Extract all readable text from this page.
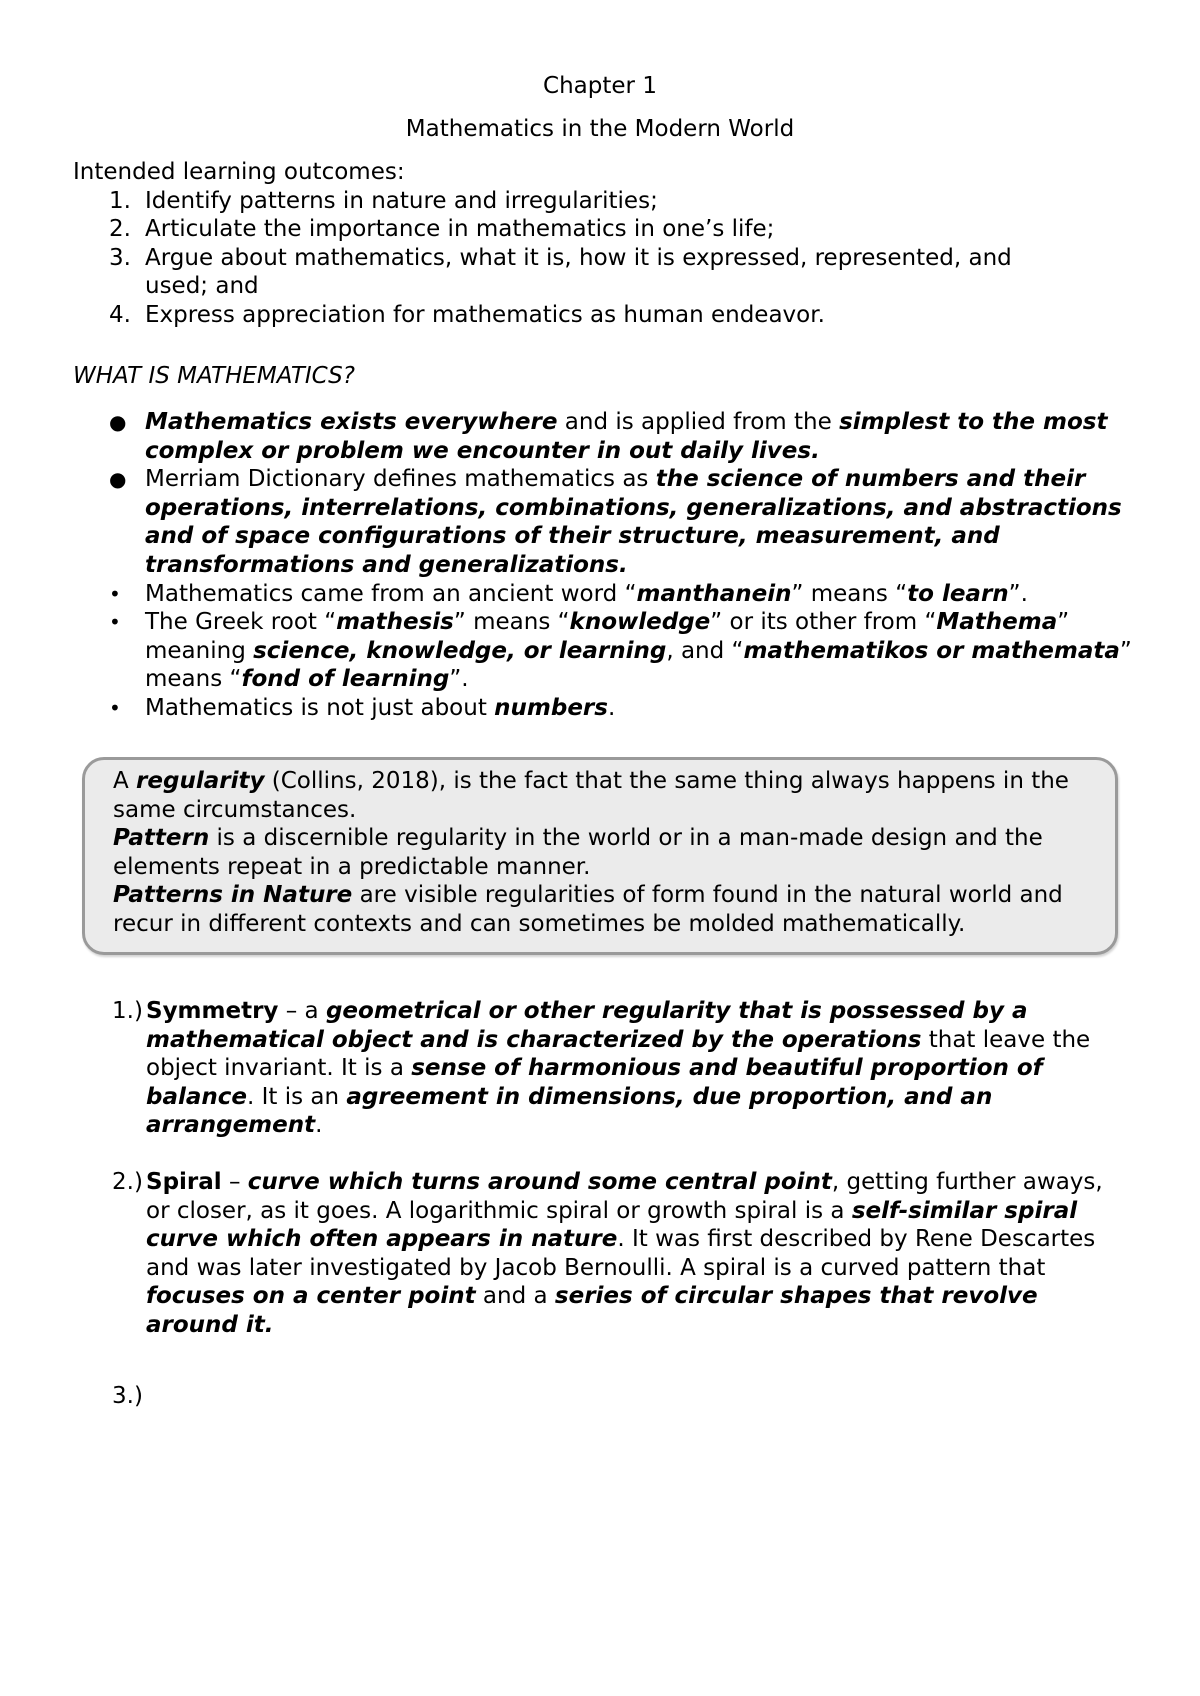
Chapter 1
Mathematics in the Modern World
Intended learning outcomes:
1. Identify patterns in nature and irregularities;
2. Articulate the importance in mathematics in one’s life;
3. Argue about mathematics, what it is, how it is expressed, represented, and used; and
4. Express appreciation for mathematics as human endeavor.
WHAT IS MATHEMATICS?
● Mathematics exists everywhere and is applied from the simplest to the most complex or problem we encounter in out daily lives.
● Merriam Dictionary defines mathematics as the science of numbers and their operations, interrelations, combinations, generalizations, and abstractions and of space configurations of their structure, measurement, and transformations and generalizations.
• Mathematics came from an ancient word “manthanein” means “to learn”.
• The Greek root “mathesis” means “knowledge” or its other from “Mathema” meaning science, knowledge, or learning, and “mathematikos or mathemata” means “fond of learning”.
• Mathematics is not just about numbers.
A regularity (Collins, 2018), is the fact that the same thing always happens in the same circumstances.
Pattern is a discernible regularity in the world or in a man-made design and the elements repeat in a predictable manner.
Patterns in Nature are visible regularities of form found in the natural world and recur in different contexts and can sometimes be molded mathematically.
1.) Symmetry – a geometrical or other regularity that is possessed by a mathematical object and is characterized by the operations that leave the object invariant. It is a sense of harmonious and beautiful proportion of balance. It is an agreement in dimensions, due proportion, and an arrangement.
2.) Spiral – curve which turns around some central point, getting further aways, or closer, as it goes. A logarithmic spiral or growth spiral is a self-similar spiral curve which often appears in nature. It was first described by Rene Descartes and was later investigated by Jacob Bernoulli. A spiral is a curved pattern that focuses on a center point and a series of circular shapes that revolve around it.
3.)
